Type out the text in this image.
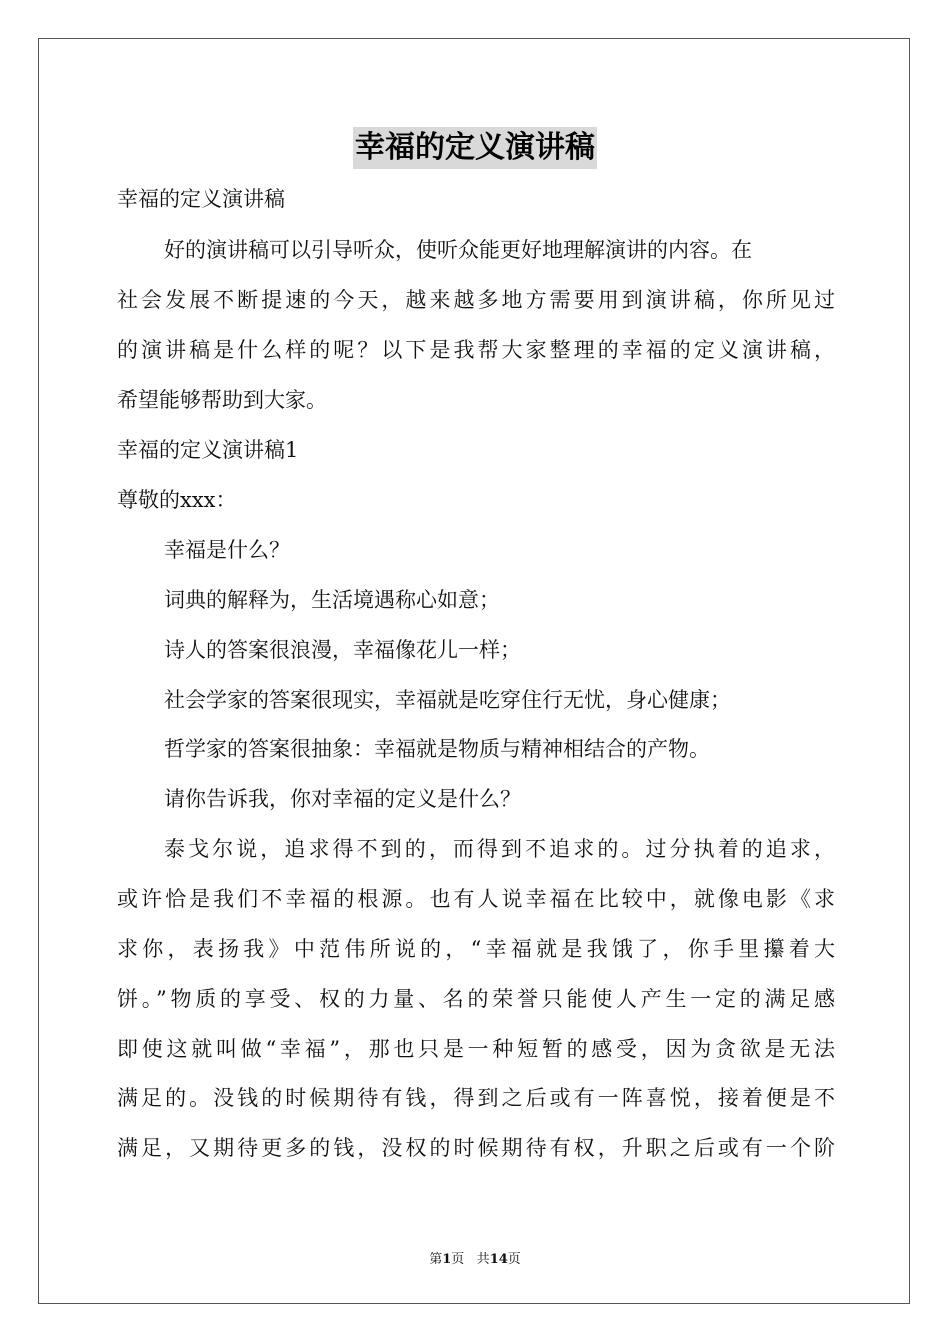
幸福的定义演讲稿

幸福的定义演讲稿

好的演讲稿可以引导听众，使听众能更好地理解演讲的内容。在

社会发展不断提速的今天，越来越多地方需要用到演讲稿，你所见过

的演讲稿是什么样的呢？以下是我帮大家整理的幸福的定义演讲稿，

希望能够帮助到大家。

幸福的定义演讲稿1

尊敬的xxx：

幸福是什么？

词典的解释为，生活境遇称心如意；

诗人的答案很浪漫，幸福像花儿一样；

社会学家的答案很现实，幸福就是吃穿住行无忧，身心健康；

哲学家的答案很抽象：幸福就是物质与精神相结合的产物。

请你告诉我，你对幸福的定义是什么？

泰戈尔说，追求得不到的，而得到不追求的。过分执着的追求，

或许恰是我们不幸福的根源。也有人说幸福在比较中，就像电影《求

求你，表扬我》中范伟所说的，“幸福就是我饿了，你手里攥着大

饼。”物质的享受、权的力量、名的荣誉只能使人产生一定的满足感

即使这就叫做“幸福”，那也只是一种短暂的感受，因为贪欲是无法

满足的。没钱的时候期待有钱，得到之后或有一阵喜悦，接着便是不

满足，又期待更多的钱，没权的时候期待有权，升职之后或有一个阶

第1页 共14页
